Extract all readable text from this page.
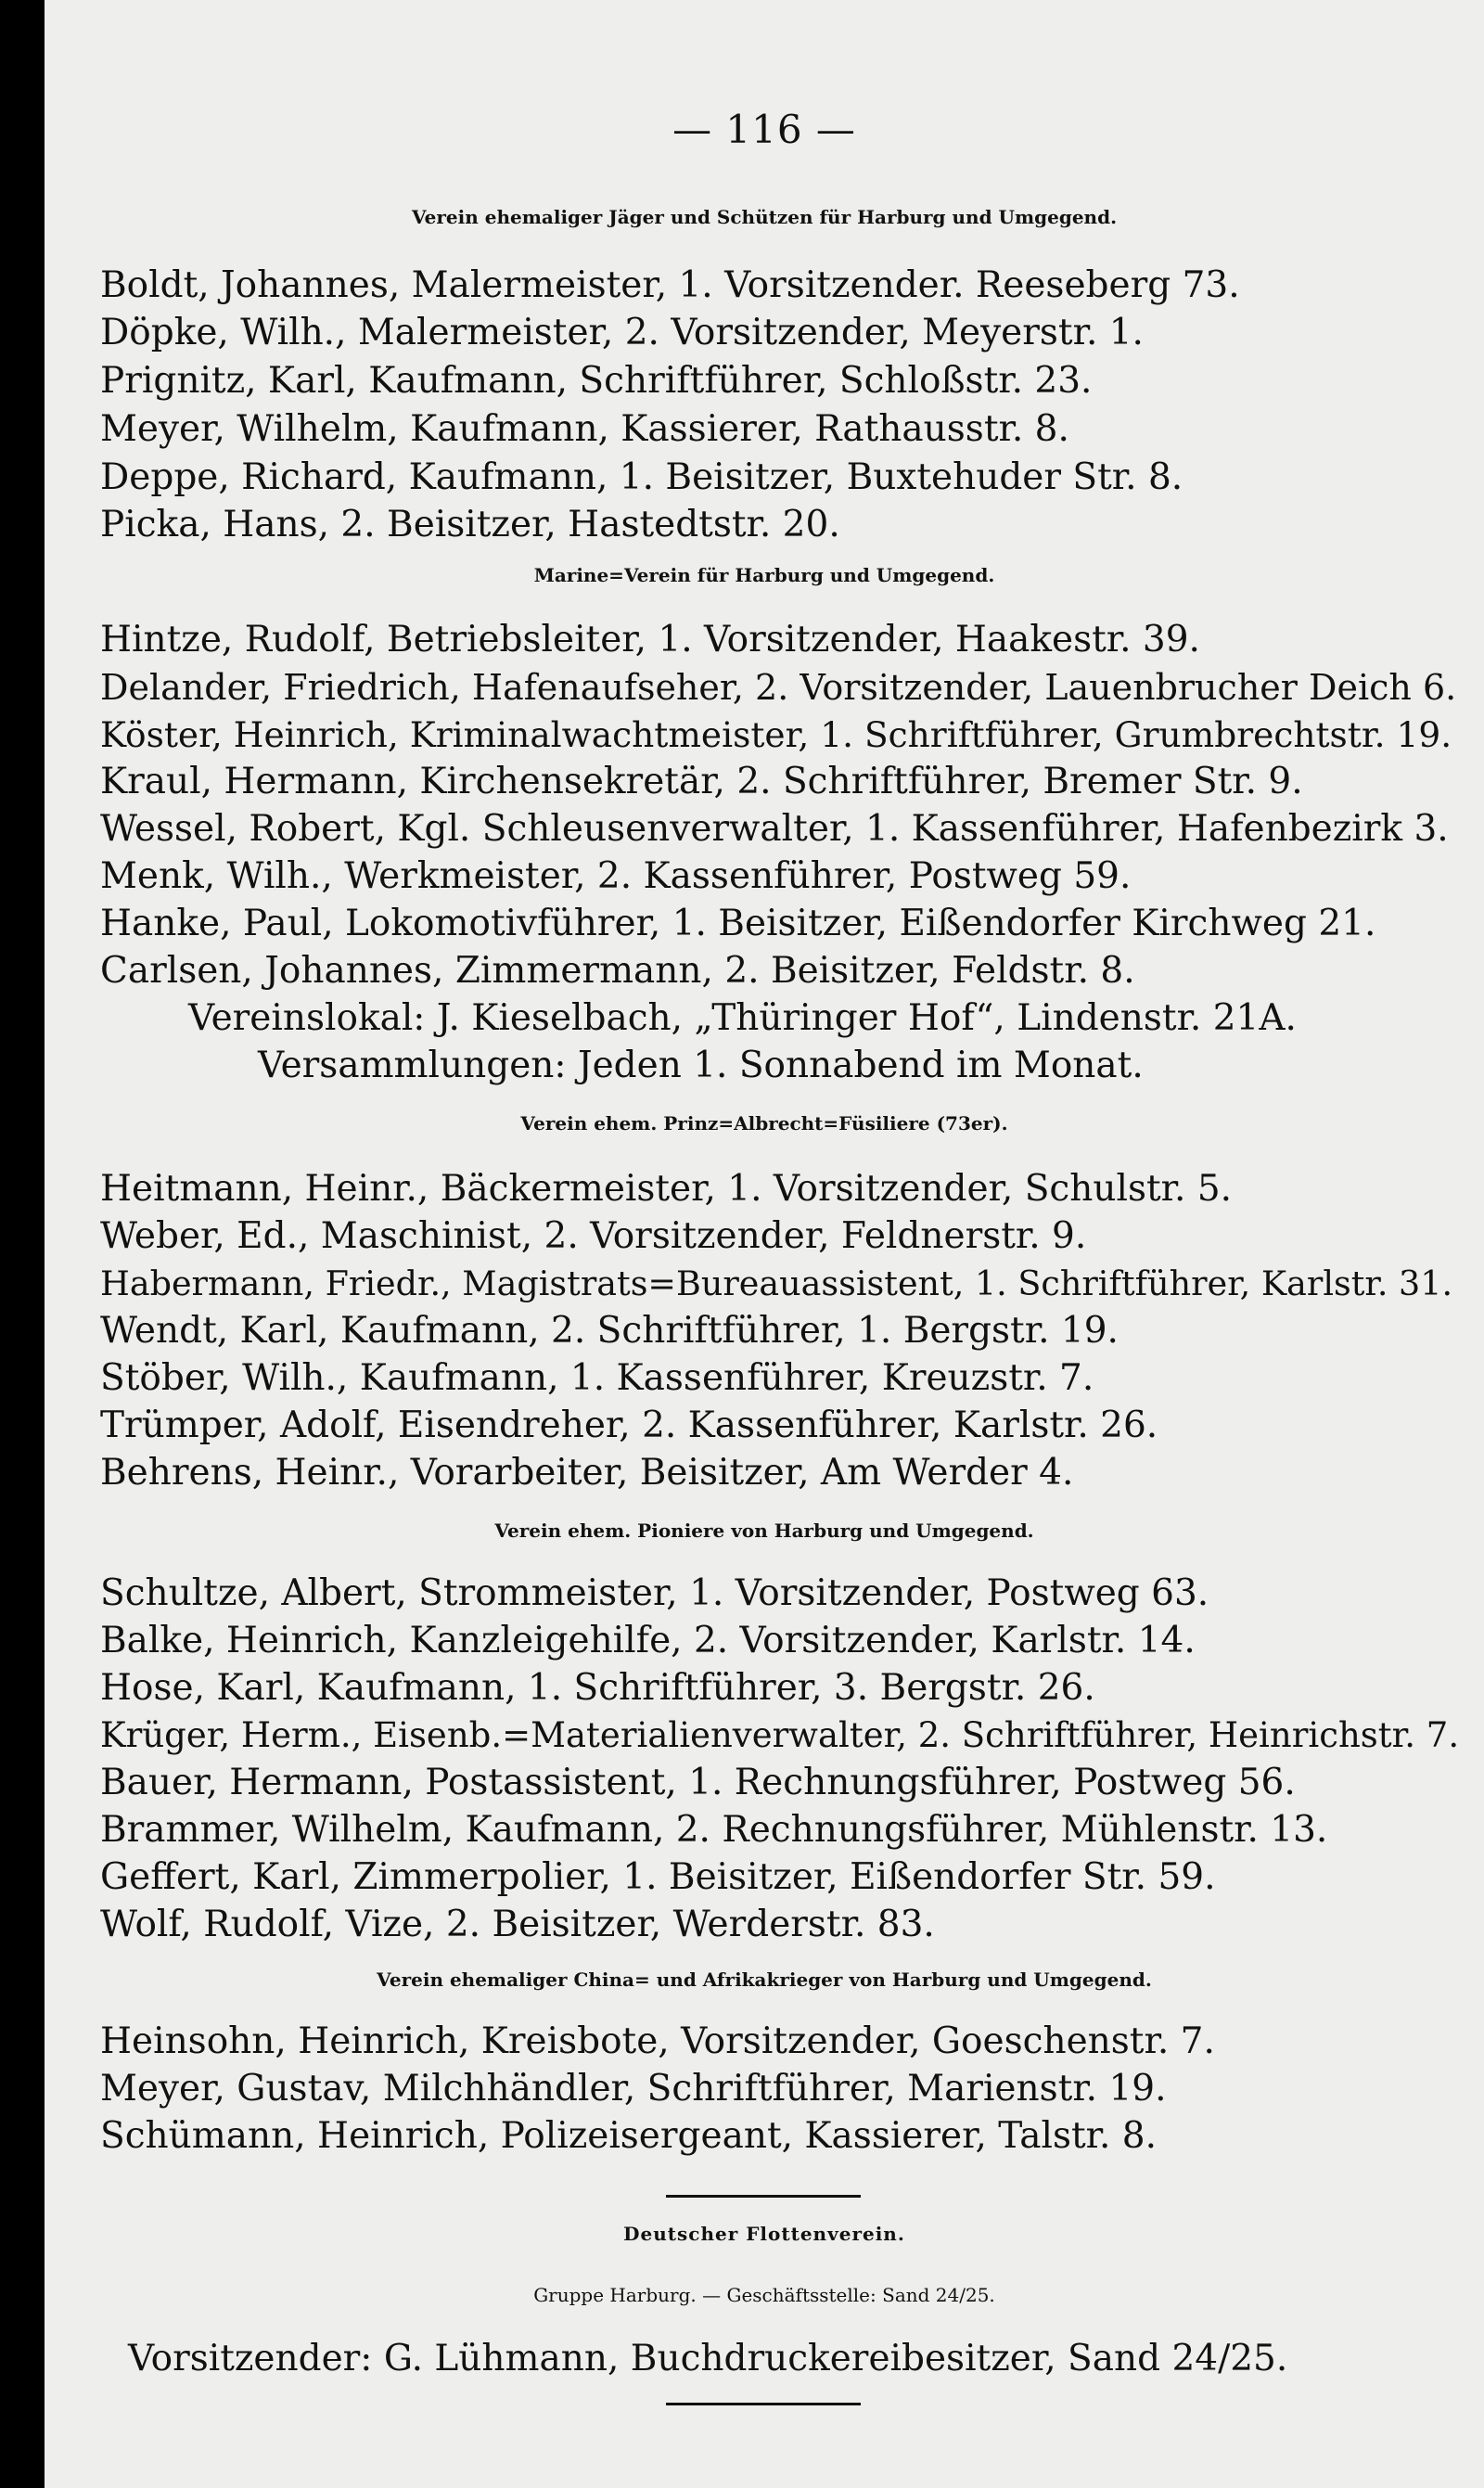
— 116 —
Verein ehemaliger Jäger und Schützen für Harburg und Umgegend.
Boldt, Johannes, Malermeister, 1. Vorsitzender. Reeseberg 73.
Döpke, Wilh., Malermeister, 2. Vorsitzender, Meyerstr. 1.
Prignitz, Karl, Kaufmann, Schriftführer, Schloßstr. 23.
Meyer, Wilhelm, Kaufmann, Kassierer, Rathausstr. 8.
Deppe, Richard, Kaufmann, 1. Beisitzer, Buxtehuder Str. 8.
Picka, Hans, 2. Beisitzer, Hastedtstr. 20.
Marine=Verein für Harburg und Umgegend.
Hintze, Rudolf, Betriebsleiter, 1. Vorsitzender, Haakestr. 39.
Delander, Friedrich, Hafenaufseher, 2. Vorsitzender, Lauenbrucher Deich 6.
Köster, Heinrich, Kriminalwachtmeister, 1. Schriftführer, Grumbrechtstr. 19.
Kraul, Hermann, Kirchensekretär, 2. Schriftführer, Bremer Str. 9.
Wessel, Robert, Kgl. Schleusenverwalter, 1. Kassenführer, Hafenbezirk 3.
Menk, Wilh., Werkmeister, 2. Kassenführer, Postweg 59.
Hanke, Paul, Lokomotivführer, 1. Beisitzer, Eißendorfer Kirchweg 21.
Carlsen, Johannes, Zimmermann, 2. Beisitzer, Feldstr. 8.
Vereinslokal: J. Kieselbach, „Thüringer Hof“, Lindenstr. 21A.
Versammlungen: Jeden 1. Sonnabend im Monat.
Verein ehem. Prinz=Albrecht=Füsiliere (73er).
Heitmann, Heinr., Bäckermeister, 1. Vorsitzender, Schulstr. 5.
Weber, Ed., Maschinist, 2. Vorsitzender, Feldnerstr. 9.
Habermann, Friedr., Magistrats=Bureauassistent, 1. Schriftführer, Karlstr. 31.
Wendt, Karl, Kaufmann, 2. Schriftführer, 1. Bergstr. 19.
Stöber, Wilh., Kaufmann, 1. Kassenführer, Kreuzstr. 7.
Trümper, Adolf, Eisendreher, 2. Kassenführer, Karlstr. 26.
Behrens, Heinr., Vorarbeiter, Beisitzer, Am Werder 4.
Verein ehem. Pioniere von Harburg und Umgegend.
Schultze, Albert, Strommeister, 1. Vorsitzender, Postweg 63.
Balke, Heinrich, Kanzleigehilfe, 2. Vorsitzender, Karlstr. 14.
Hose, Karl, Kaufmann, 1. Schriftführer, 3. Bergstr. 26.
Krüger, Herm., Eisenb.=Materialienverwalter, 2. Schriftführer, Heinrichstr. 7.
Bauer, Hermann, Postassistent, 1. Rechnungsführer, Postweg 56.
Brammer, Wilhelm, Kaufmann, 2. Rechnungsführer, Mühlenstr. 13.
Geffert, Karl, Zimmerpolier, 1. Beisitzer, Eißendorfer Str. 59.
Wolf, Rudolf, Vize, 2. Beisitzer, Werderstr. 83.
Verein ehemaliger China= und Afrikakrieger von Harburg und Umgegend.
Heinsohn, Heinrich, Kreisbote, Vorsitzender, Goeschenstr. 7.
Meyer, Gustav, Milchhändler, Schriftführer, Marienstr. 19.
Schümann, Heinrich, Polizeisergeant, Kassierer, Talstr. 8.
Deutscher Flottenverein.
Gruppe Harburg. — Geschäftsstelle: Sand 24/25.
Vorsitzender: G. Lühmann, Buchdruckereibesitzer, Sand 24/25.
